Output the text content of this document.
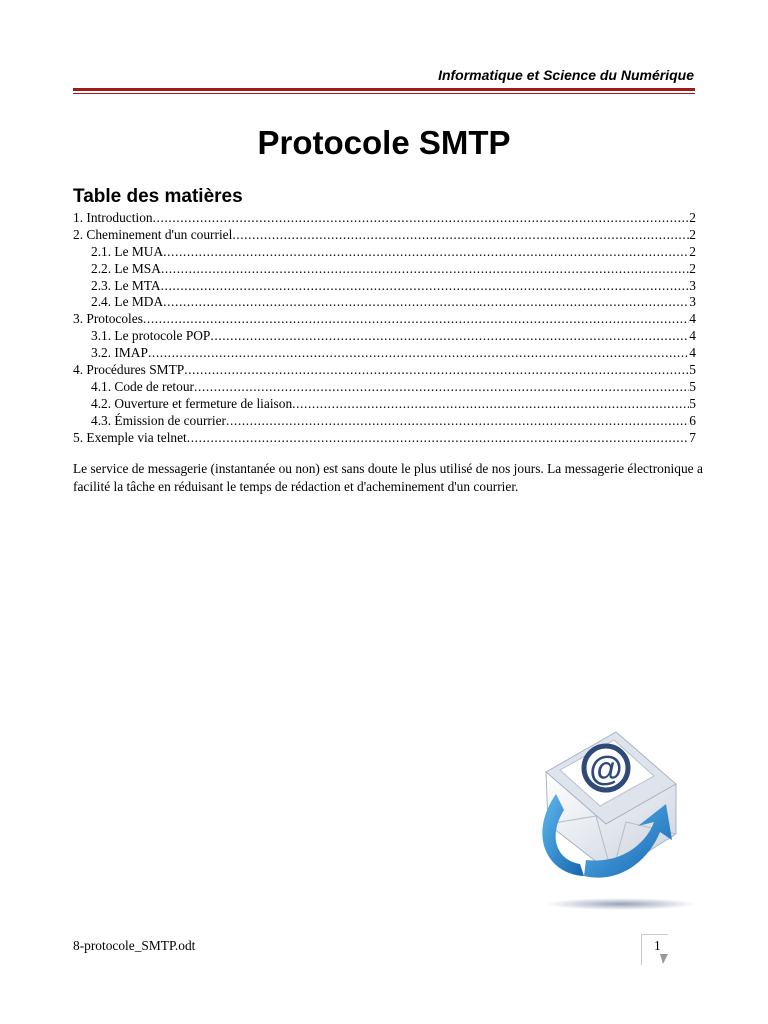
Informatique et Science du Numérique
Protocole SMTP
Table des matières
1. Introduction .....	2
2. Cheminement d'un courriel .....	2
2.1. Le MUA .....	2
2.2. Le MSA .....	2
2.3. Le MTA .....	3
2.4. Le MDA .....	3
3. Protocoles .....	4
3.1. Le protocole POP .....	4
3.2. IMAP .....	4
4. Procédures SMTP .....	5
4.1. Code de retour .....	5
4.2. Ouverture et fermeture de liaison .....	5
4.3. Émission de courrier .....	6
5. Exemple via telnet .....	7

Le service de messagerie (instantanée ou non) est sans doute le plus utilisé de nos jours. La messagerie électronique a facilité la tâche en réduisant le temps de rédaction et d'acheminement d'un courrier.

@
8-protocole_SMTP.odt	1
